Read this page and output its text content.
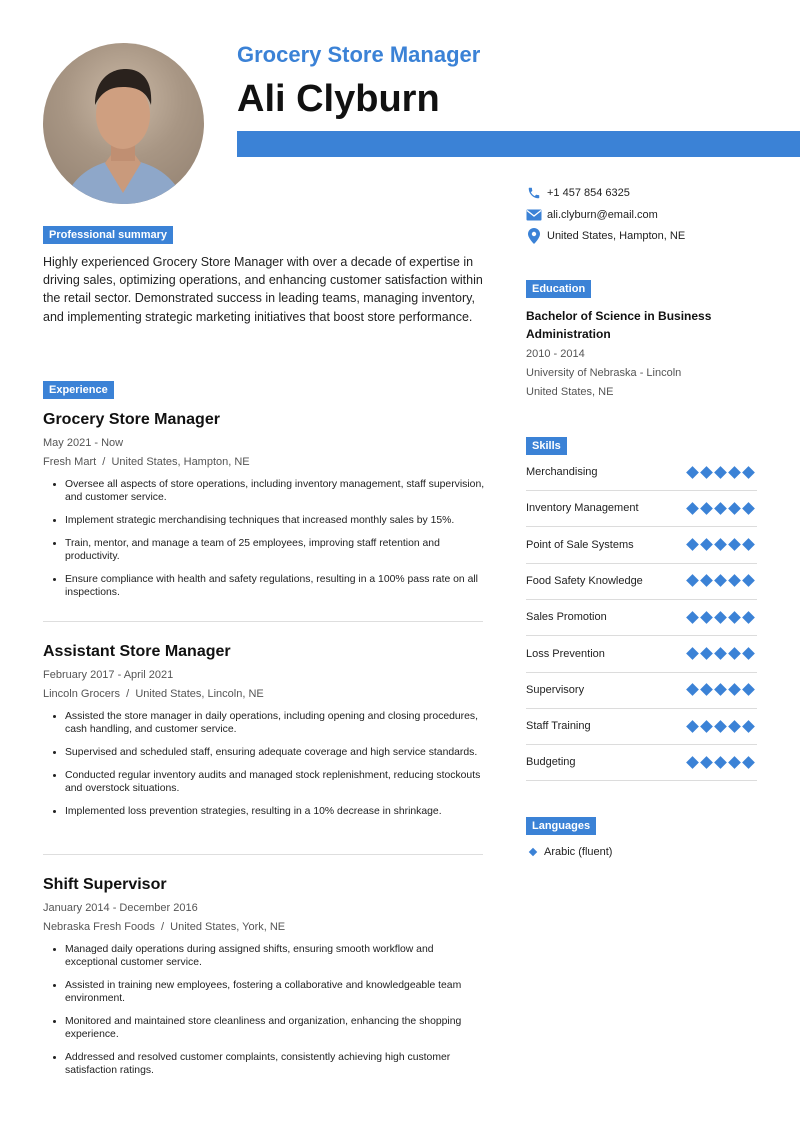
Grocery Store Manager
Ali Clyburn
+1 457 854 6325
ali.clyburn@email.com
United States, Hampton, NE
Professional summary
Highly experienced Grocery Store Manager with over a decade of expertise in driving sales, optimizing operations, and enhancing customer satisfaction within the retail sector. Demonstrated success in leading teams, managing inventory, and implementing strategic marketing initiatives that boost store performance.
Experience
Grocery Store Manager
May 2021 - Now
Fresh Mart  /  United States, Hampton, NE
• Oversee all aspects of store operations, including inventory management, staff supervision, and customer service.
• Implement strategic merchandising techniques that increased monthly sales by 15%.
• Train, mentor, and manage a team of 25 employees, improving staff retention and productivity.
• Ensure compliance with health and safety regulations, resulting in a 100% pass rate on all inspections.
Assistant Store Manager
February 2017 - April 2021
Lincoln Grocers  /  United States, Lincoln, NE
• Assisted the store manager in daily operations, including opening and closing procedures, cash handling, and customer service.
• Supervised and scheduled staff, ensuring adequate coverage and high service standards.
• Conducted regular inventory audits and managed stock replenishment, reducing stockouts and overstock situations.
• Implemented loss prevention strategies, resulting in a 10% decrease in shrinkage.
Shift Supervisor
January 2014 - December 2016
Nebraska Fresh Foods  /  United States, York, NE
• Managed daily operations during assigned shifts, ensuring smooth workflow and exceptional customer service.
• Assisted in training new employees, fostering a collaborative and knowledgeable team environment.
• Monitored and maintained store cleanliness and organization, enhancing the shopping experience.
• Addressed and resolved customer complaints, consistently achieving high customer satisfaction ratings.
Education
Bachelor of Science in Business Administration
2010 - 2014
University of Nebraska - Lincoln
United States, NE
Skills
Merchandising
Inventory Management
Point of Sale Systems
Food Safety Knowledge
Sales Promotion
Loss Prevention
Supervisory
Staff Training
Budgeting
Languages
Arabic (fluent)
